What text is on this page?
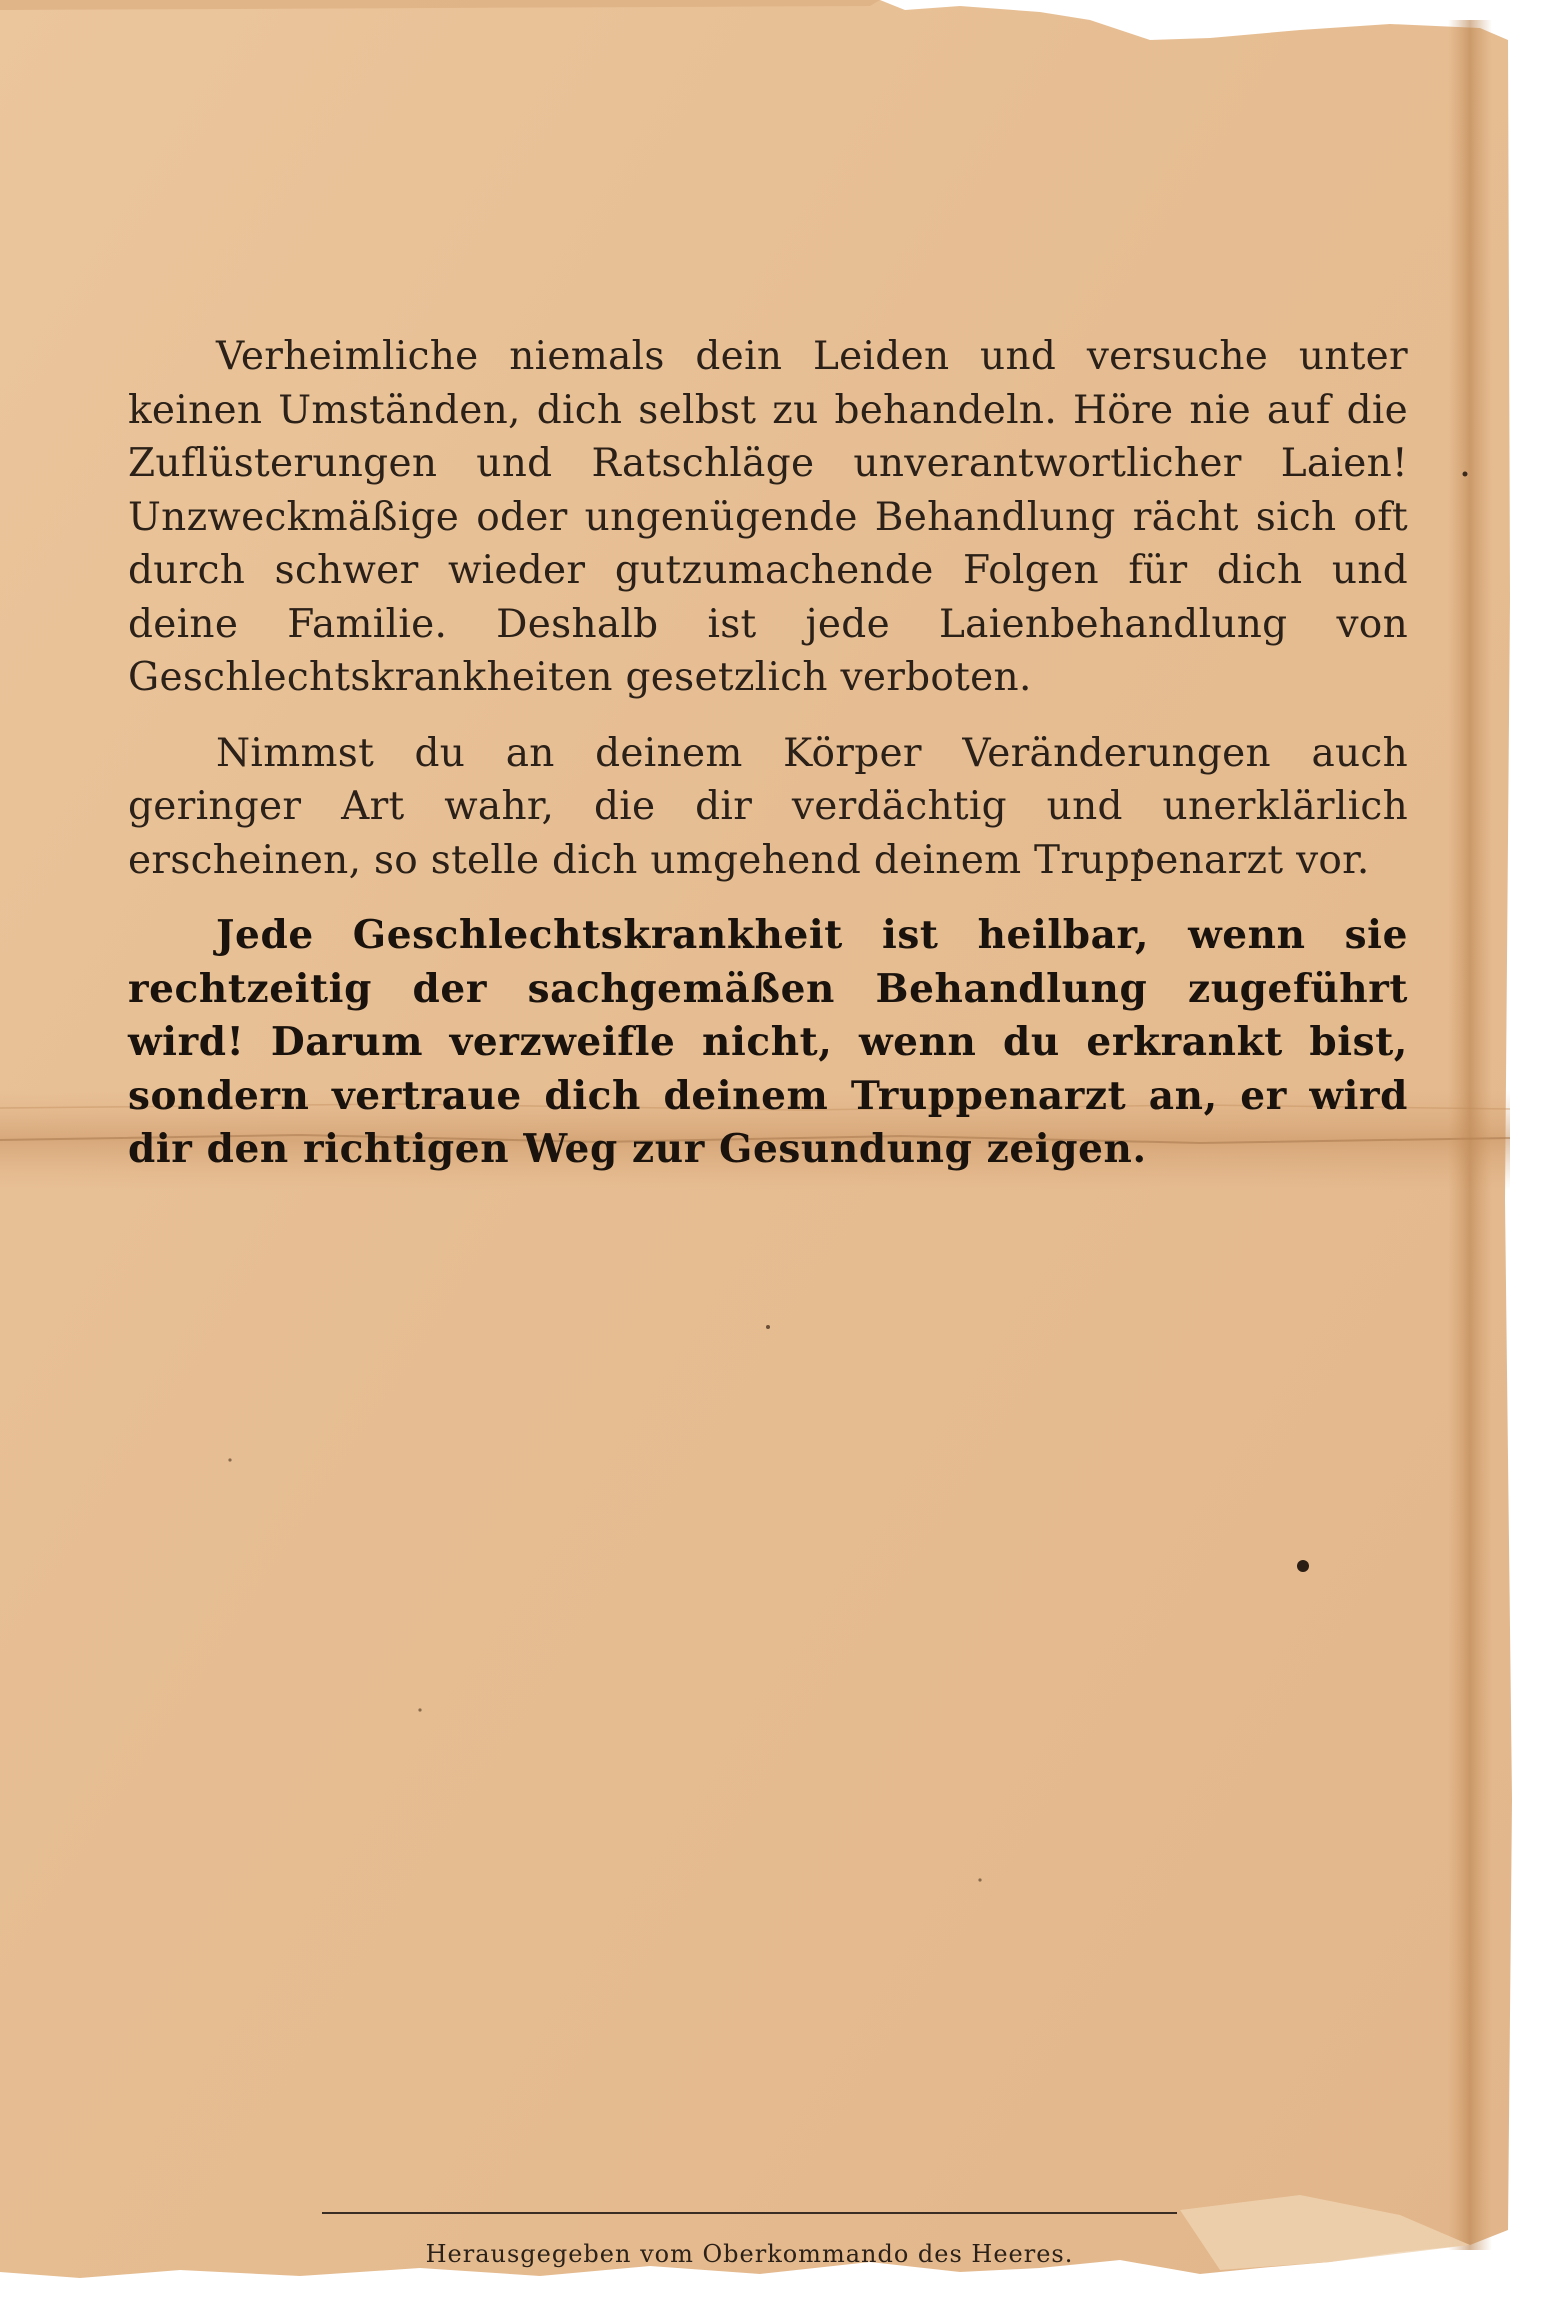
Verheimliche niemals dein Leiden und versuche unter keinen Umständen, dich selbst zu behandeln. Höre nie auf die Zuflüsterungen und Ratschläge unverantwortlicher Laien! Unzweckmäßige oder ungenügende Behandlung rächt sich oft durch schwer wieder gutzumachende Folgen für dich und deine Familie. Deshalb ist jede Laienbehandlung von Geschlechtskrankheiten gesetzlich verboten.

Nimmst du an deinem Körper Veränderungen auch geringer Art wahr, die dir verdächtig und unerklärlich erscheinen, so stelle dich umgehend deinem Truppenarzt vor.

Jede Geschlechtskrankheit ist heilbar, wenn sie rechtzeitig der sachgemäßen Behandlung zugeführt wird! Darum verzweifle nicht, wenn du erkrankt bist, sondern vertraue dich deinem Truppenarzt an, er wird dir den richtigen Weg zur Gesundung zeigen.

Herausgegeben vom Oberkommando des Heeres.
